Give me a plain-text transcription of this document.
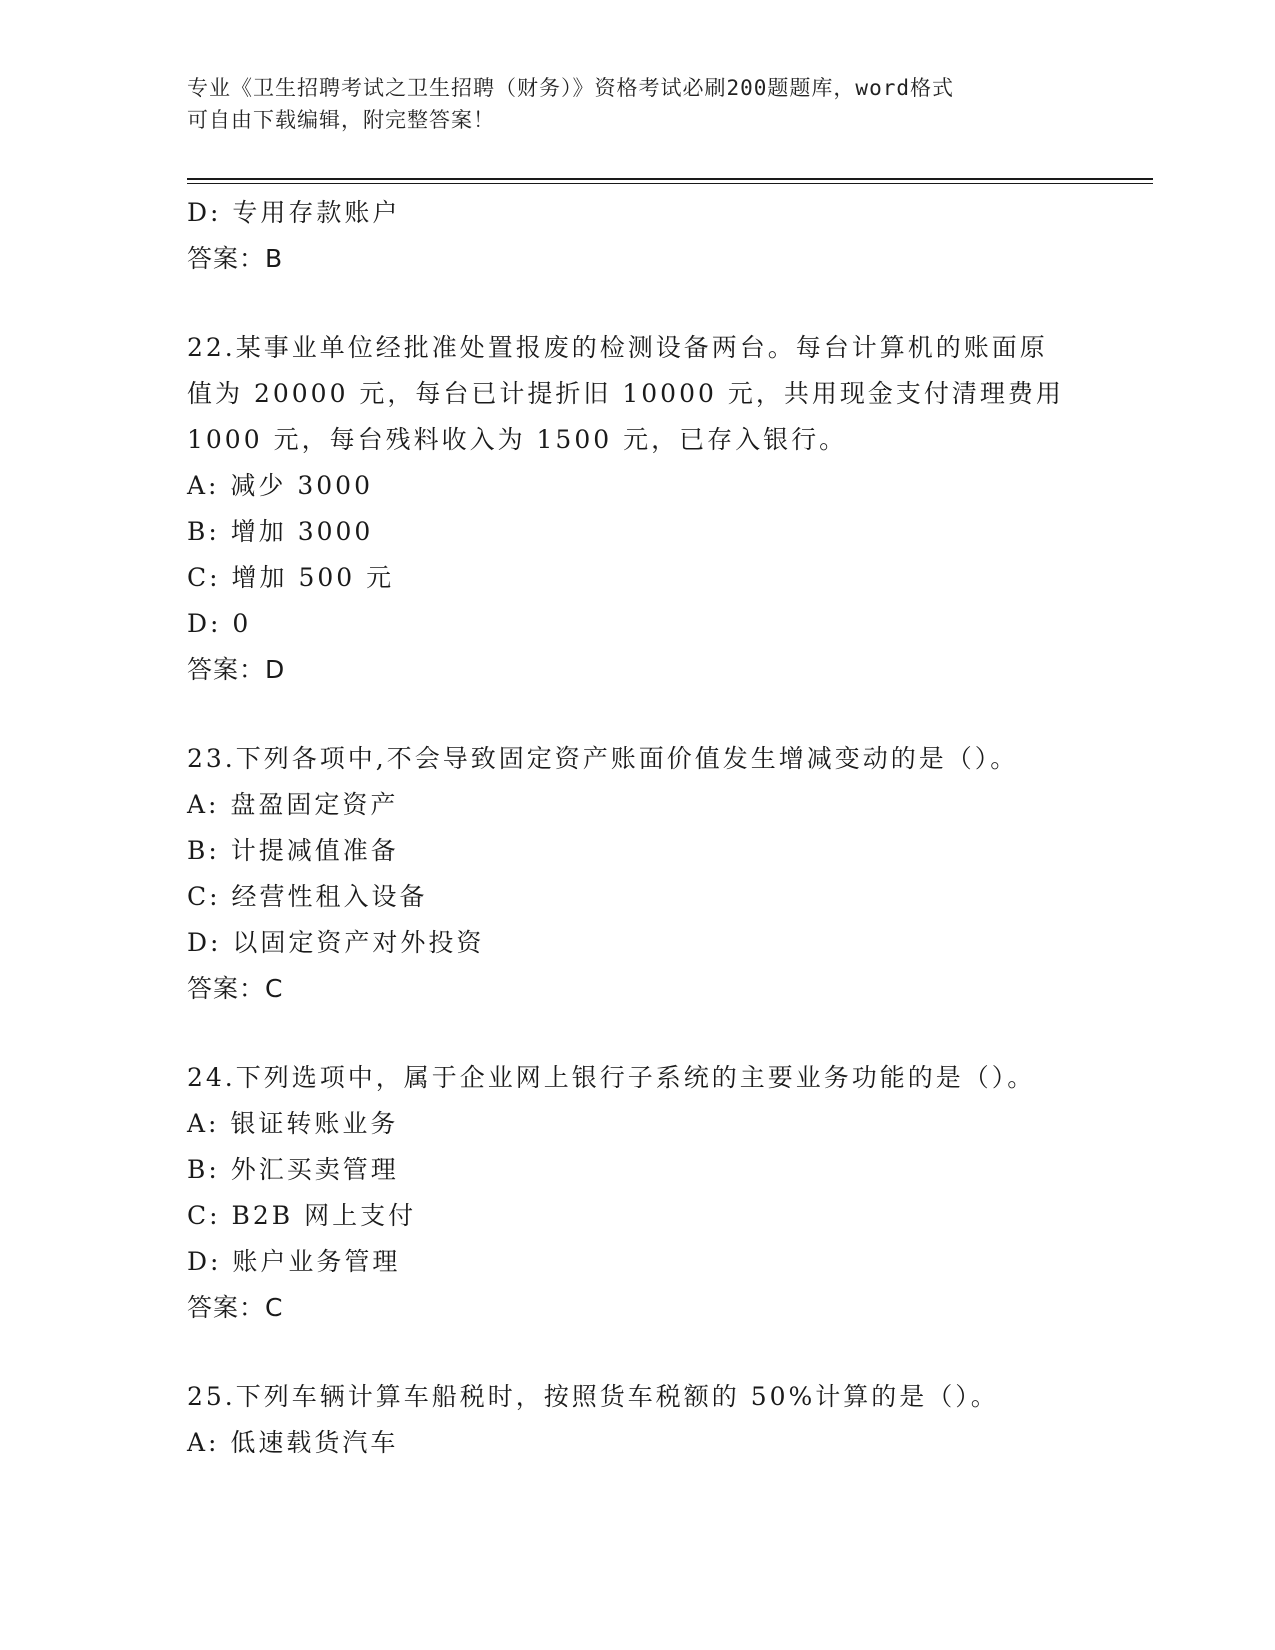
专业《卫生招聘考试之卫生招聘（财务）》资格考试必刷200题题库，word格式
可自由下载编辑，附完整答案！
D: 专用存款账户
答案：B
22.某事业单位经批准处置报废的检测设备两台。每台计算机的账面原
值为 20000 元，每台已计提折旧 10000 元，共用现金支付清理费用
1000 元，每台残料收入为 1500 元，已存入银行。
A: 减少 3000
B: 增加 3000
C: 增加 500 元
D: 0
答案：D
23.下列各项中,不会导致固定资产账面价值发生增减变动的是（）。
A: 盘盈固定资产
B: 计提减值准备
C: 经营性租入设备
D: 以固定资产对外投资
答案：C
24.下列选项中，属于企业网上银行子系统的主要业务功能的是（）。
A: 银证转账业务
B: 外汇买卖管理
C: B2B 网上支付
D: 账户业务管理
答案：C
25.下列车辆计算车船税时，按照货车税额的 50%计算的是（）。
A: 低速载货汽车
